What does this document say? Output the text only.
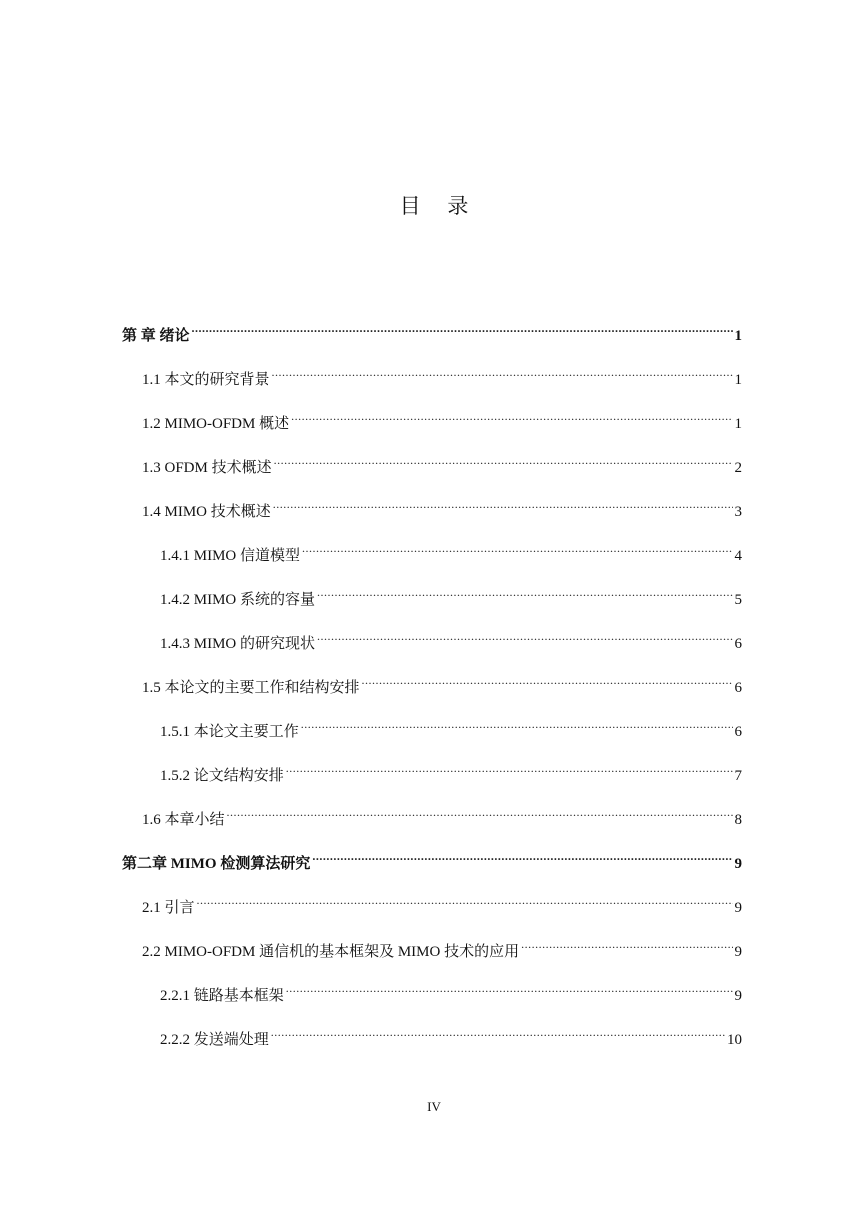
目 录
第 章 绪论 .....	1
1.1 本文的研究背景 .....	1
1.2 MIMO-OFDM 概述 .....	1
1.3 OFDM 技术概述 .....	2
1.4 MIMO 技术概述 .....	3
1.4.1 MIMO 信道模型 .....	4
1.4.2 MIMO 系统的容量 .....	5
1.4.3 MIMO 的研究现状 .....	6
1.5 本论文的主要工作和结构安排 .....	6
1.5.1 本论文主要工作 .....	6
1.5.2 论文结构安排 .....	7
1.6 本章小结 .....	8
第二章 MIMO 检测算法研究 .....	9
2.1 引言 .....	9
2.2 MIMO-OFDM 通信机的基本框架及 MIMO 技术的应用 .....	9
2.2.1 链路基本框架 .....	9
2.2.2 发送端处理 .....	10
IV
